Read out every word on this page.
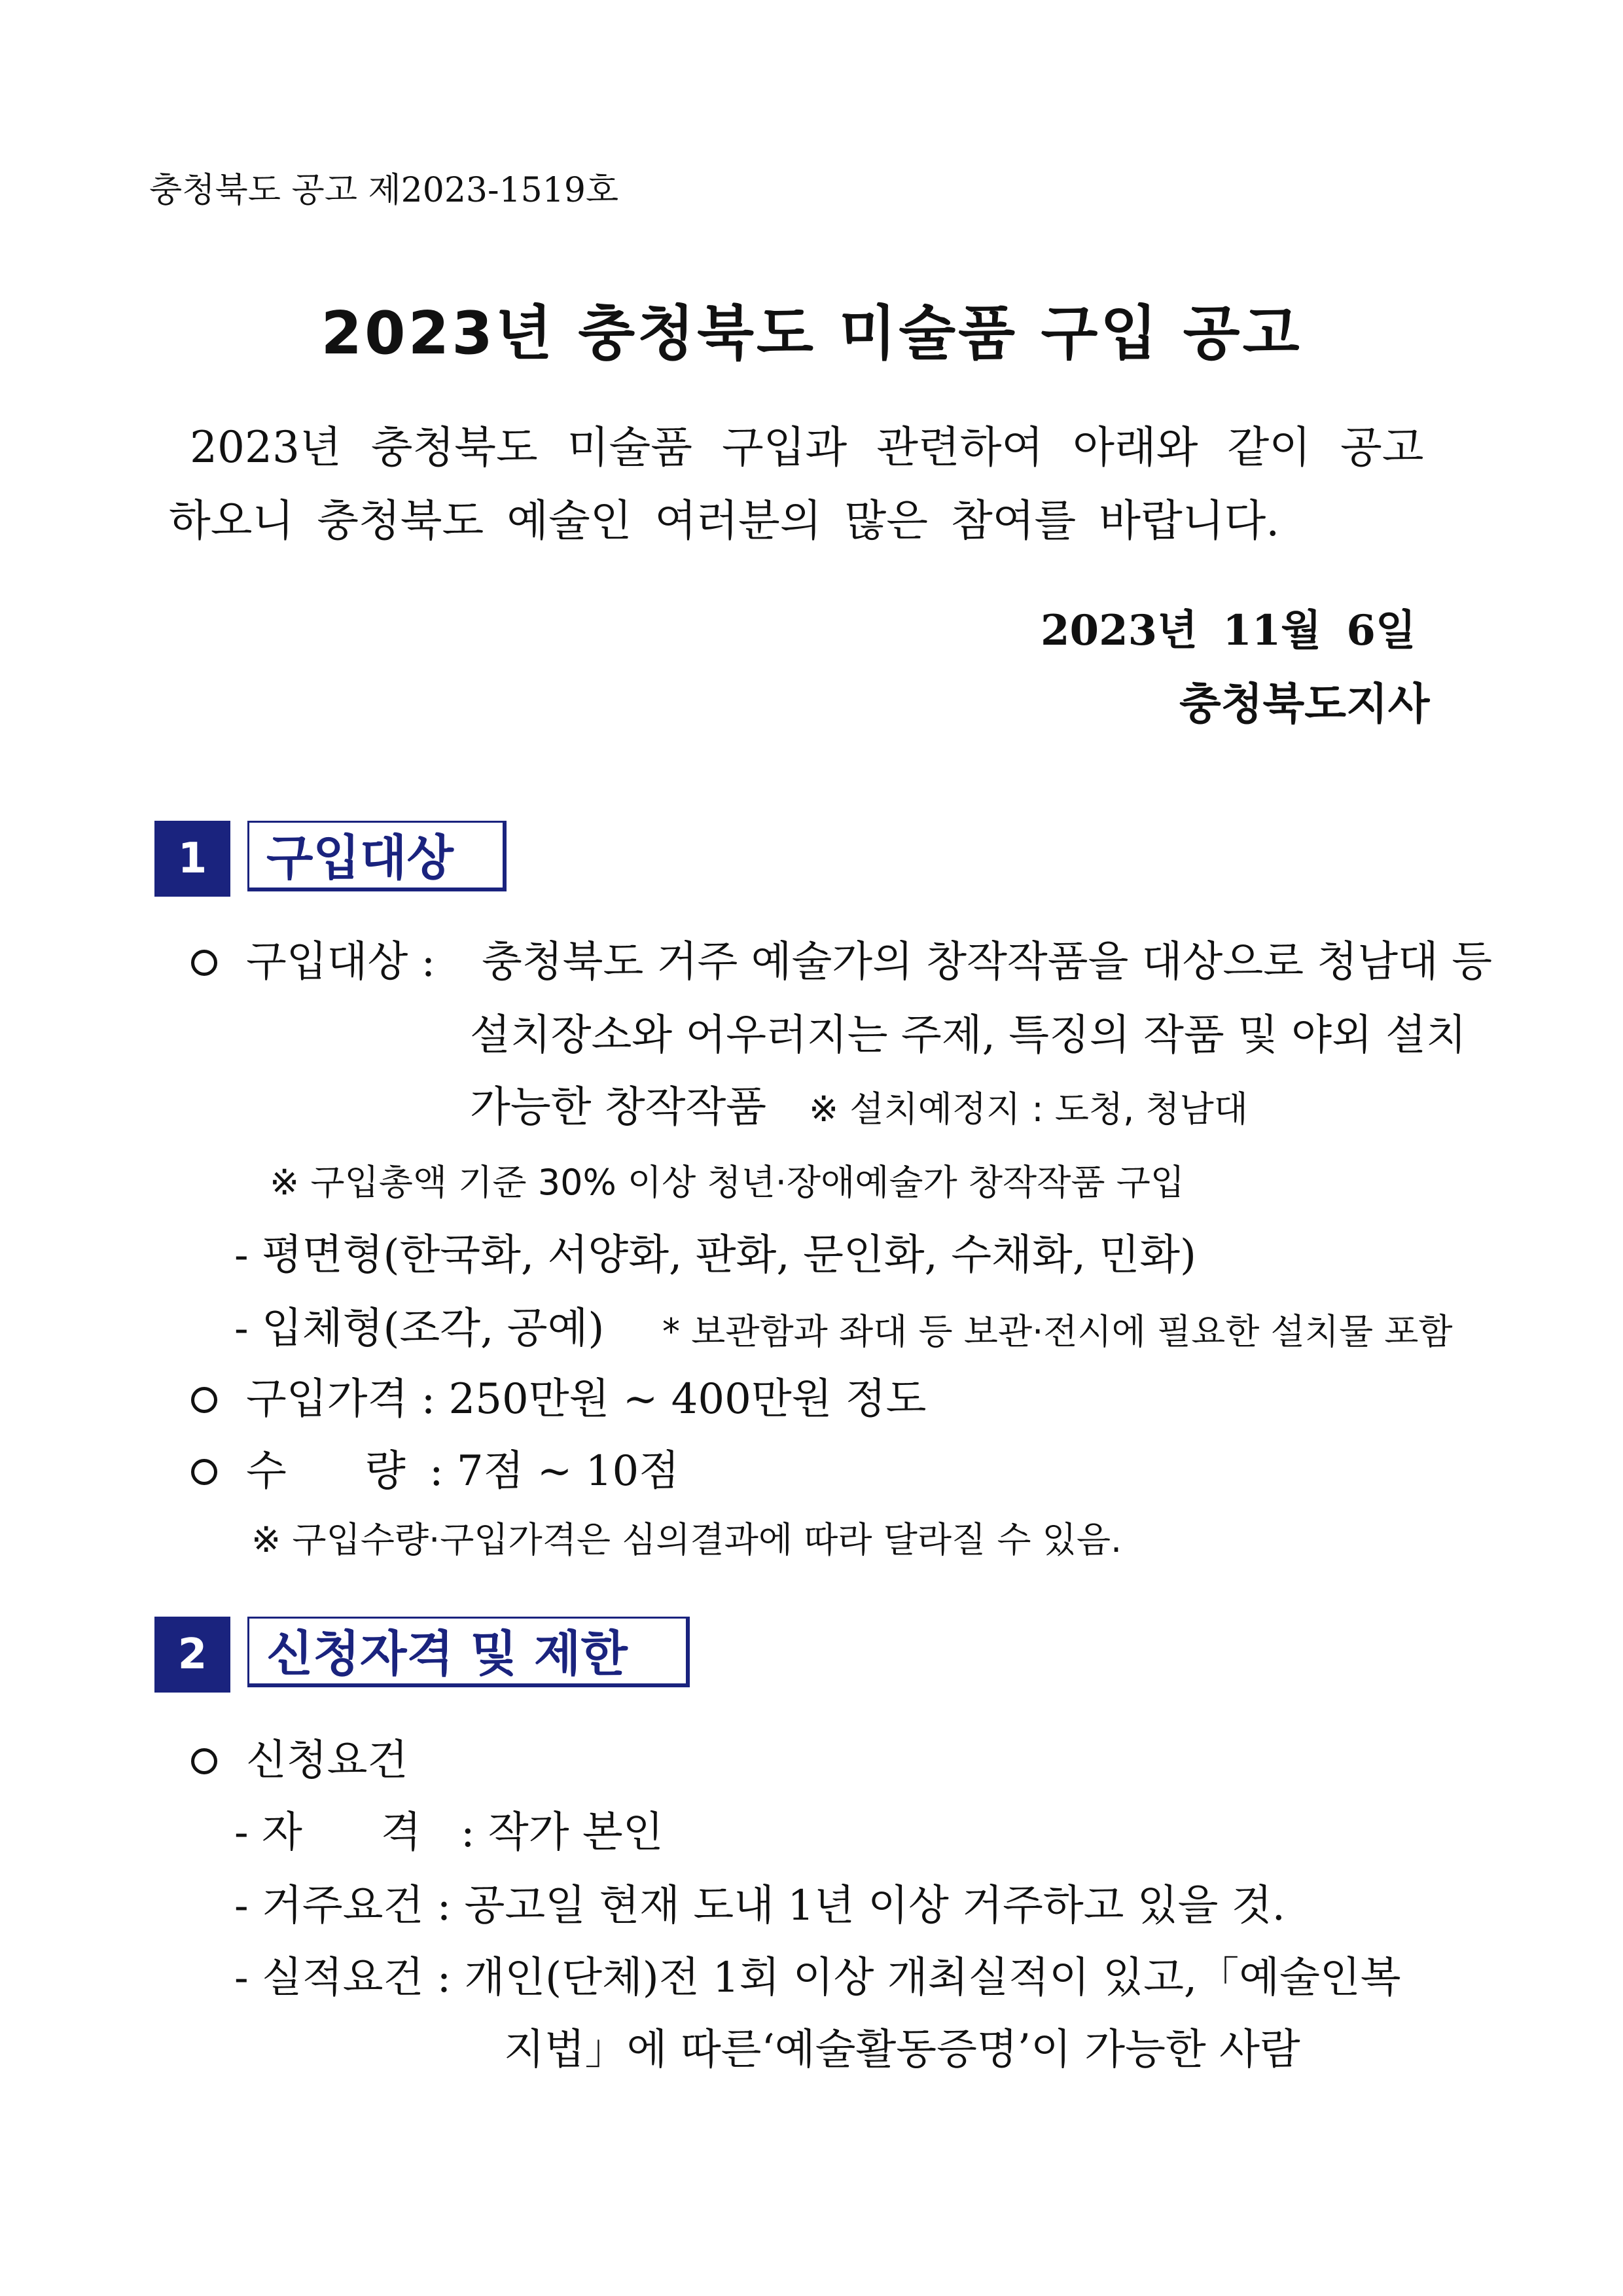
충청북도 공고 제2023-1519호
2023년 충청북도 미술품 구입 공고
2023년 충청북도 미술품 구입과 관련하여 아래와 같이 공고
하오니 충청북도 예술인 여러분의 많은 참여를 바랍니다.
2023년 11월 6일
충청북도지사
1	구입대상
구입대상 : 충청북도 거주 예술가의 창작작품을 대상으로 청남대 등
설치장소와 어우러지는 주제, 특징의 작품 및 야외 설치
가능한 창작작품 ※ 설치예정지 : 도청, 청남대
※ 구입총액 기준 30% 이상 청년·장애예술가 창작작품 구입
- 평면형(한국화, 서양화, 판화, 문인화, 수채화, 민화)
- 입체형(조각, 공예) * 보관함과 좌대 등 보관·전시에 필요한 설치물 포함
구입가격 : 250만원 ~ 400만원 정도
수 량 : 7점 ~ 10점
※ 구입수량·구입가격은 심의결과에 따라 달라질 수 있음.
2	신청자격 및 제한
신청요건
- 자 격 : 작가 본인
- 거주요건 : 공고일 현재 도내 1년 이상 거주하고 있을 것.
- 실적요건 : 개인(단체)전 1회 이상 개최실적이 있고,「예술인복
지법」에 따른‘예술활동증명’이 가능한 사람
